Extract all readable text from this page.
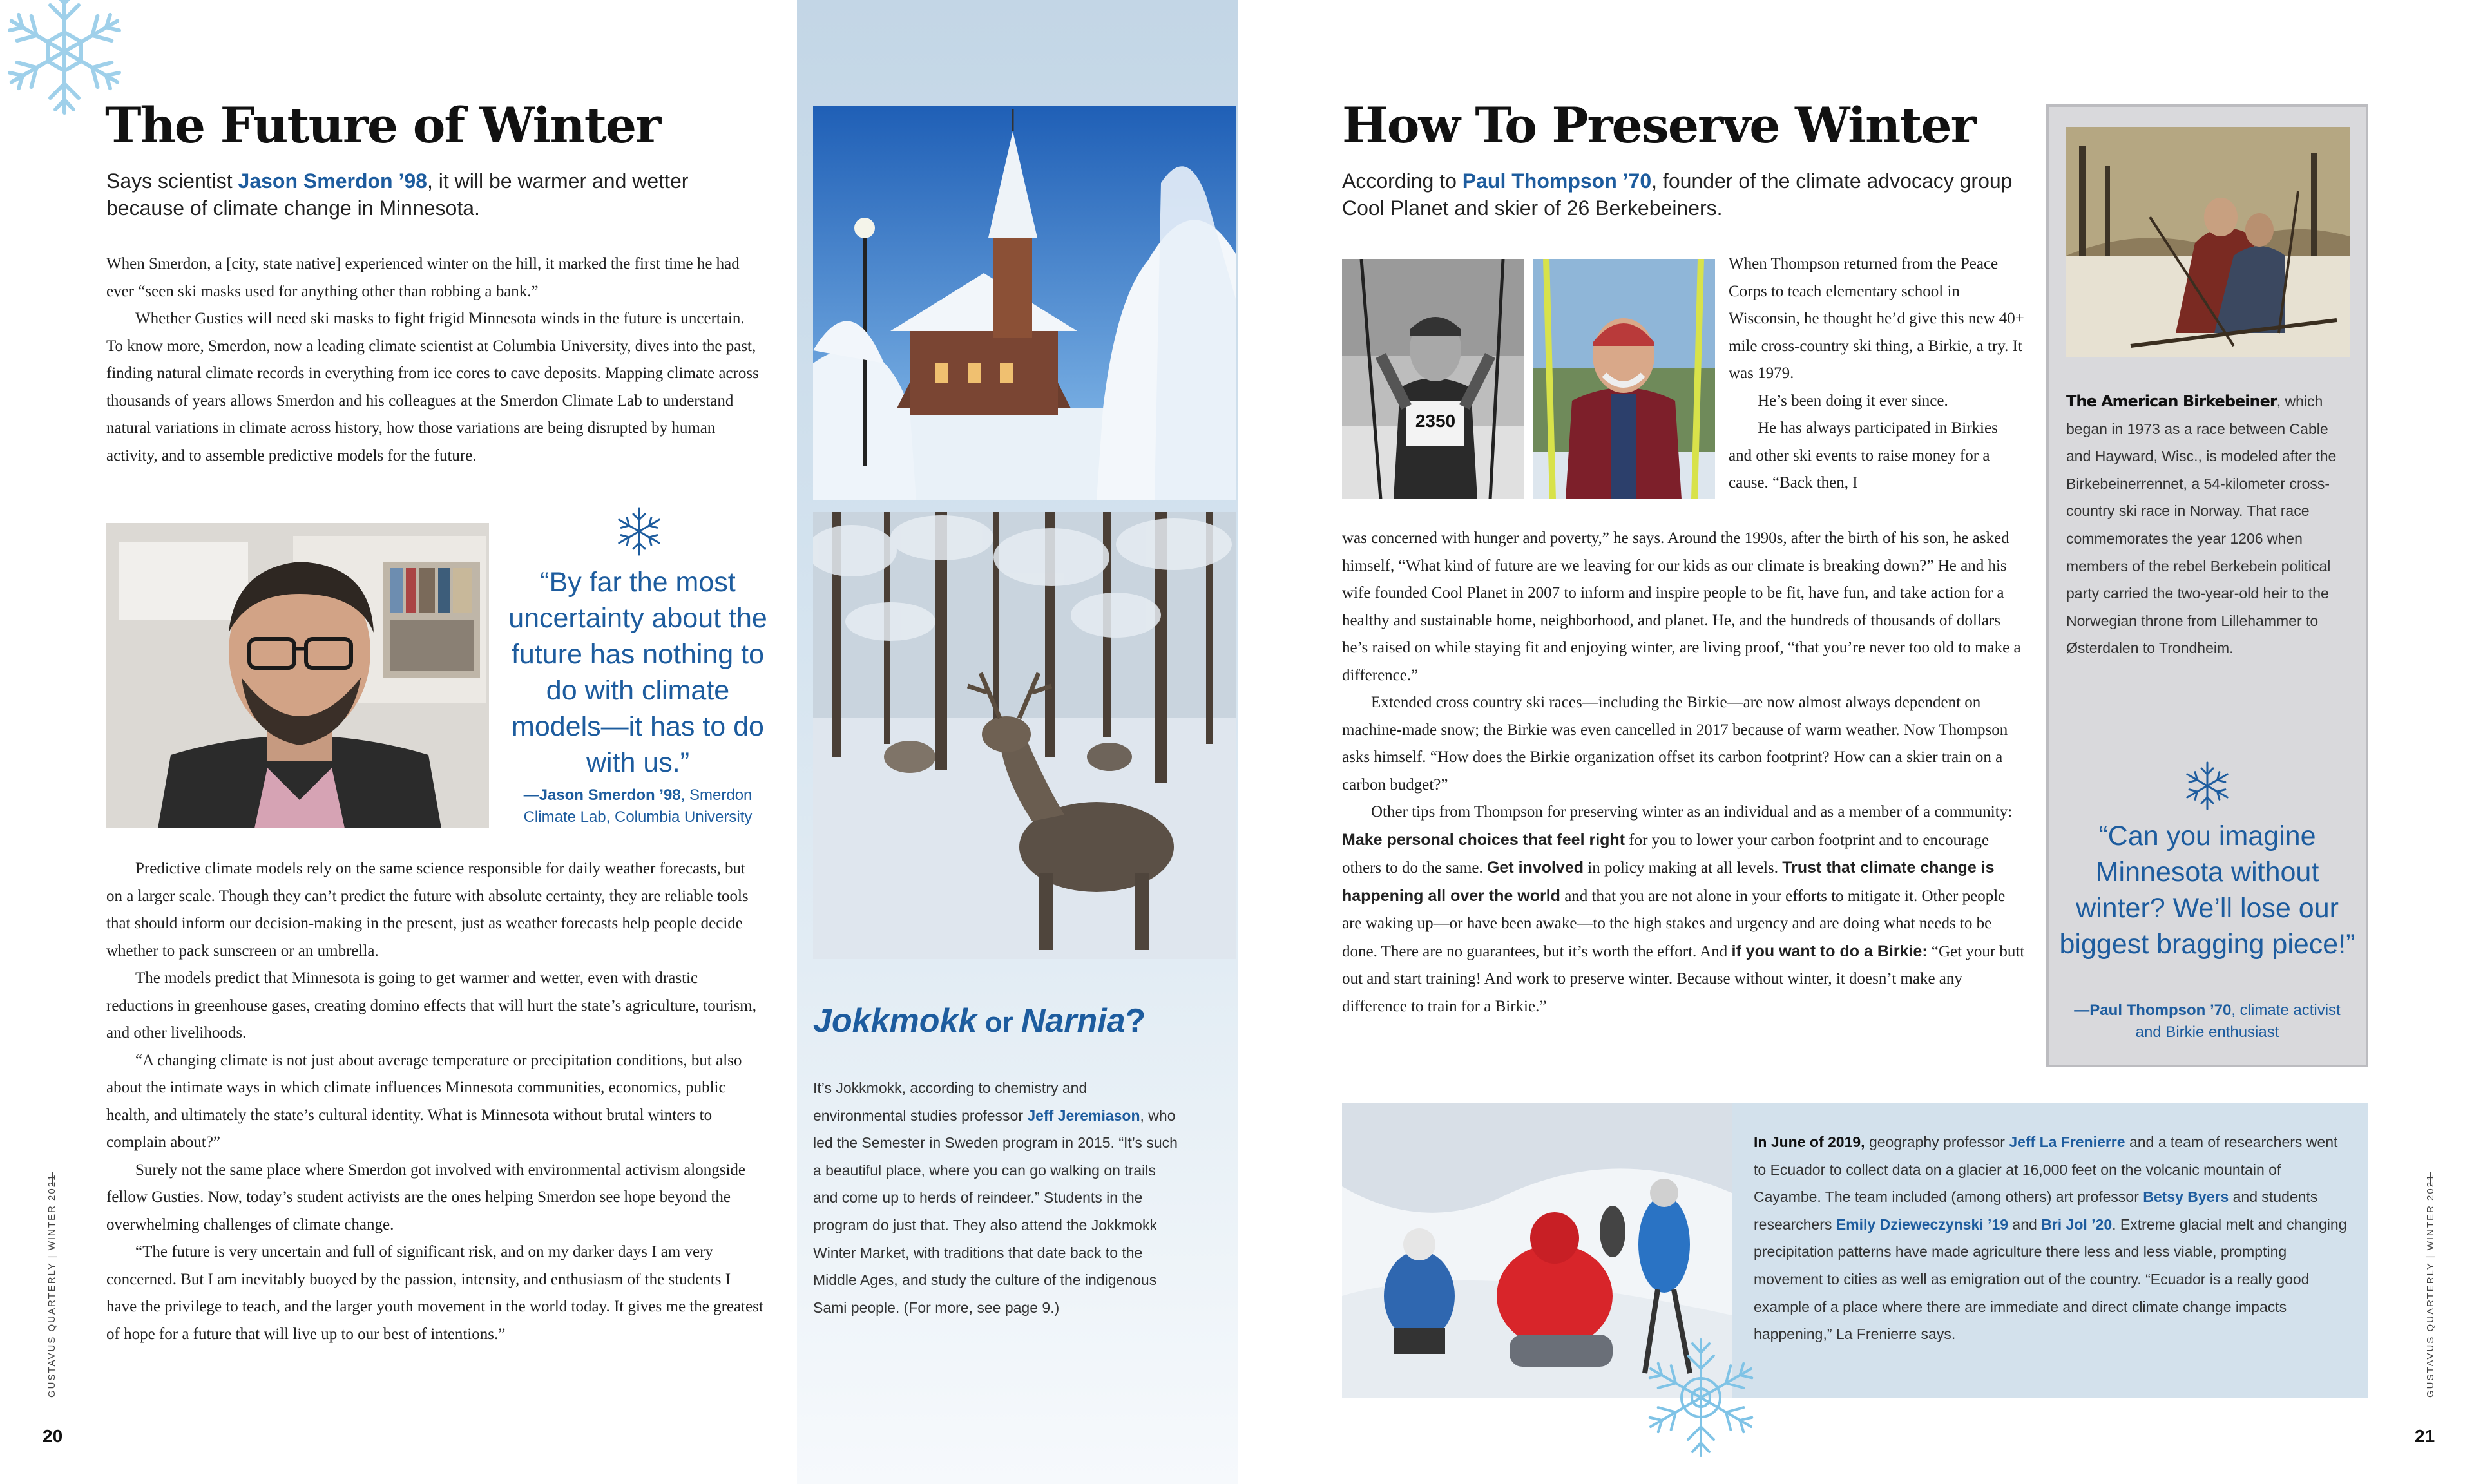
The Future of Winter
Says scientist Jason Smerdon ’98, it will be warmer and wetter because of climate change in Minnesota.

When Smerdon, a [city, state native] experienced winter on the hill, it marked the first time he had ever “seen ski masks used for anything other than robbing a bank.”

Whether Gusties will need ski masks to fight frigid Minnesota winds in the future is uncertain. To know more, Smerdon, now a leading climate scientist at Columbia University, dives into the past, finding natural climate records in everything from ice cores to cave deposits. Mapping climate across thousands of years allows Smerdon and his colleagues at the Smerdon Climate Lab to understand natural variations in climate across history, how those variations are being disrupted by human activity, and to assemble predictive models for the future.

“By far the most uncertainty about the future has nothing to do with climate models—it has to do with us.”
—Jason Smerdon ’98, Smerdon Climate Lab, Columbia University

Predictive climate models rely on the same science responsible for daily weather forecasts, but on a larger scale. Though they can’t predict the future with absolute certainty, they are reliable tools that should inform our decision-making in the present, just as weather forecasts help people decide whether to pack sunscreen or an umbrella.

The models predict that Minnesota is going to get warmer and wetter, even with drastic reductions in greenhouse gases, creating domino effects that will hurt the state’s agriculture, tourism, and other livelihoods.

“A changing climate is not just about average temperature or precipitation conditions, but also about the intimate ways in which climate influences Minnesota communities, economics, public health, and ultimately the state’s cultural identity. What is Minnesota without brutal winters to complain about?”

Surely not the same place where Smerdon got involved with environmental activism alongside fellow Gusties. Now, today’s student activists are the ones helping Smerdon see hope beyond the overwhelming challenges of climate change.

“The future is very uncertain and full of significant risk, and on my darker days I am very concerned. But I am inevitably buoyed by the passion, intensity, and enthusiasm of the students I have the privilege to teach, and the larger youth movement in the world today. It gives me the greatest of hope for a future that will live up to our best of intentions.”

GUSTAVUS QUARTERLY | WINTER 2021
20
Jokkmokk or Narnia?
It’s Jokkmokk, according to chemistry and environmental studies professor Jeff Jeremiason, who led the Semester in Sweden program in 2015. “It’s such a beautiful place, where you can go walking on trails and come up to herds of reindeer.” Students in the program do just that. They also attend the Jokkmokk Winter Market, with traditions that date back to the Middle Ages, and study the culture of the indigenous Sami people. (For more, see page 9.)
How To Preserve Winter
According to Paul Thompson ’70, founder of the climate advocacy group Cool Planet and skier of 26 Berkebeiners.
2350

When Thompson returned from the Peace Corps to teach elementary school in Wisconsin, he thought he’d give this new 40+ mile cross-country ski thing, a Birkie, a try. It was 1979.

He’s been doing it ever since.

He has always participated in Birkies and other ski events to raise money for a cause. “Back then, I

was concerned with hunger and poverty,” he says. Around the 1990s, after the birth of his son, he asked himself, “What kind of future are we leaving for our kids as our climate is breaking down?” He and his wife founded Cool Planet in 2007 to inform and inspire people to be fit, have fun, and take action for a healthy and sustainable home, neighborhood, and planet. He, and the hundreds of thousands of dollars he’s raised on while staying fit and enjoying winter, are living proof, “that you’re never too old to make a difference.”

Extended cross country ski races—including the Birkie—are now almost always dependent on machine-made snow; the Birkie was even cancelled in 2017 because of warm weather. Now Thompson asks himself. “How does the Birkie organization offset its carbon footprint? How can a skier train on a carbon budget?”

Other tips from Thompson for preserving winter as an individual and as a member of a community: Make personal choices that feel right for you to lower your carbon footprint and to encourage others to do the same. Get involved in policy making at all levels. Trust that climate change is happening all over the world and that you are not alone in your efforts to mitigate it. Other people are waking up—or have been awake—to the high stakes and urgency and are doing what needs to be done. There are no guarantees, but it’s worth the effort. And if you want to do a Birkie: “Get your butt out and start training! And work to preserve winter. Because without winter, it doesn’t make any difference to train for a Birkie.”

The American Birkebeiner, which began in 1973 as a race between Cable and Hayward, Wisc., is modeled after the Birkebeinerrennet, a 54-kilometer cross-country ski race in Norway. That race commemorates the year 1206 when members of the rebel Berkebein political party carried the two-year-old heir to the Norwegian throne from Lillehammer to Østerdalen to Trondheim.
“Can you imagine Minnesota without winter? We’ll lose our biggest bragging piece!”
—Paul Thompson ’70, climate activist and Birkie enthusiast
In June of 2019, geography professor Jeff La Frenierre and a team of researchers went to Ecuador to collect data on a glacier at 16,000 feet on the volcanic mountain of Cayambe. The team included (among others) art professor Betsy Byers and students researchers Emily Dzieweczynski ’19 and Bri Jol ’20. Extreme glacial melt and changing precipitation patterns have made agriculture there less and less viable, prompting movement to cities as well as emigration out of the country. “Ecuador is a really good example of a place where there are immediate and direct climate change impacts happening,” La Frenierre says.	GUSTAVUS QUARTERLY | WINTER 2021
21
